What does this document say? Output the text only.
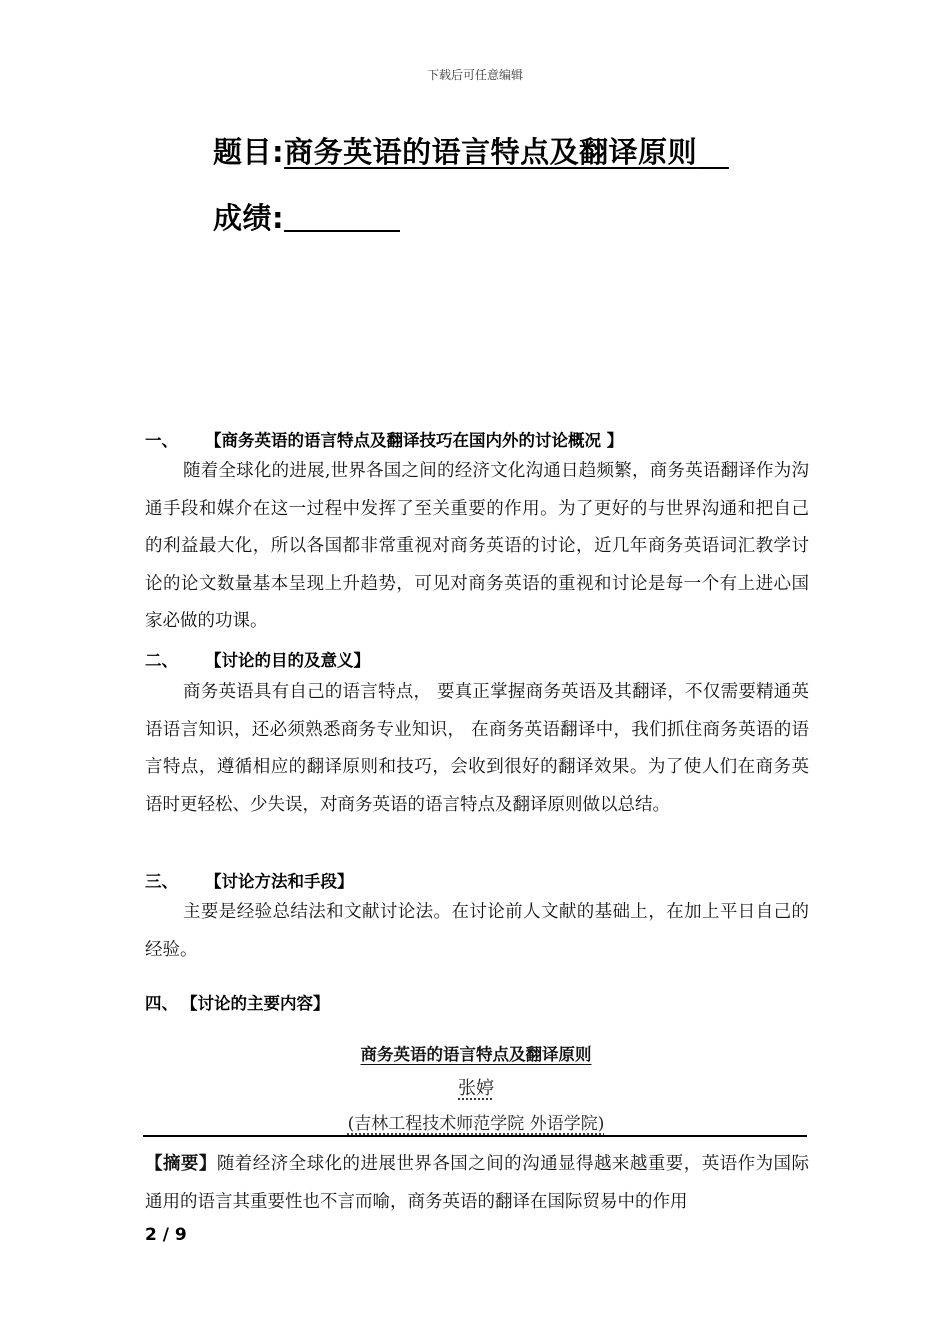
下载后可任意编辑
题目:商务英语的语言特点及翻译原则
成绩:
一、 【商务英语的语言特点及翻译技巧在国内外的讨论概况 】
随着全球化的进展,世界各国之间的经济文化沟通日趋频繁，商务英语翻译作为沟通手段和媒介在这一过程中发挥了至关重要的作用。为了更好的与世界沟通和把自己的利益最大化，所以各国都非常重视对商务英语的讨论，近几年商务英语词汇教学讨论的论文数量基本呈现上升趋势，可见对商务英语的重视和讨论是每一个有上进心国家必做的功课。
二、 【讨论的目的及意义】
商务英语具有自己的语言特点， 要真正掌握商务英语及其翻译，不仅需要精通英语语言知识，还必须熟悉商务专业知识， 在商务英语翻译中，我们抓住商务英语的语言特点，遵循相应的翻译原则和技巧，会收到很好的翻译效果。为了使人们在商务英语时更轻松、少失误，对商务英语的语言特点及翻译原则做以总结。
三、 【讨论方法和手段】
主要是经验总结法和文献讨论法。在讨论前人文献的基础上，在加上平日自己的经验。
四、 【讨论的主要内容】
商务英语的语言特点及翻译原则
张婷
(吉林工程技术师范学院 外语学院)
【摘要】随着经济全球化的进展世界各国之间的沟通显得越来越重要，英语作为国际通用的语言其重要性也不言而喻，商务英语的翻译在国际贸易中的作用
2 / 9
